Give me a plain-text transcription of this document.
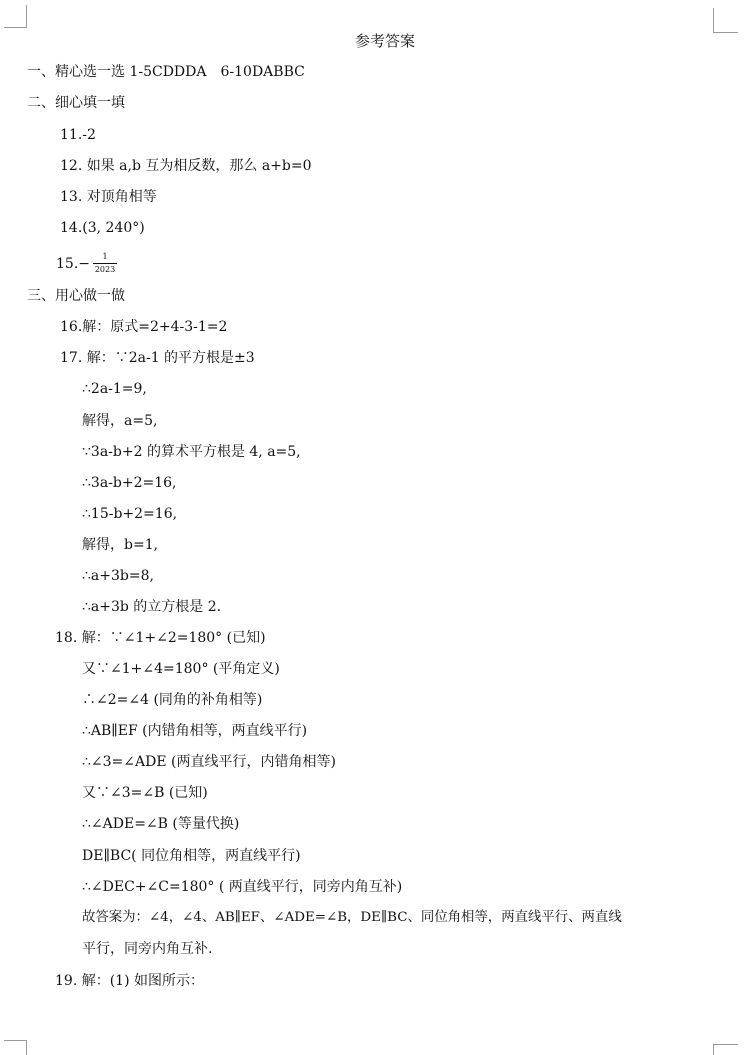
参考答案
一、精心选一选 1-5CDDDA　6-10DABBC
二、细心填一填
11.-2
12. 如果 a,b 互为相反数，那么 a+b=0
13. 对顶角相等
14.(3, 240°)
15.−	1
2023
三、用心做一做
16.解：原式=2+4-3-1=2
17. 解：∵2a-1 的平方根是±3
∴2a-1=9,
解得，a=5,
∵3a-b+2 的算术平方根是 4, a=5,
∴3a-b+2=16,
∴15-b+2=16,
解得，b=1,
∴a+3b=8,
∴a+3b 的立方根是 2.
18. 解：∵∠1+∠2=180° (已知)
又∵∠1+∠4=180° (平角定义)
∴∠2=∠4 (同角的补角相等)
∴AB∥EF (内错角相等，两直线平行)
∴∠3=∠ADE (两直线平行，内错角相等)
又∵∠3=∠B (已知)
∴∠ADE=∠B (等量代换)
DE∥BC( 同位角相等，两直线平行)
∴∠DEC+∠C=180° ( 两直线平行，同旁内角互补)
故答案为：∠4，∠4、AB∥EF、∠ADE=∠B，DE∥BC、同位角相等，两直线平行、两直线
平行，同旁内角互补.
19. 解：(1) 如图所示：
